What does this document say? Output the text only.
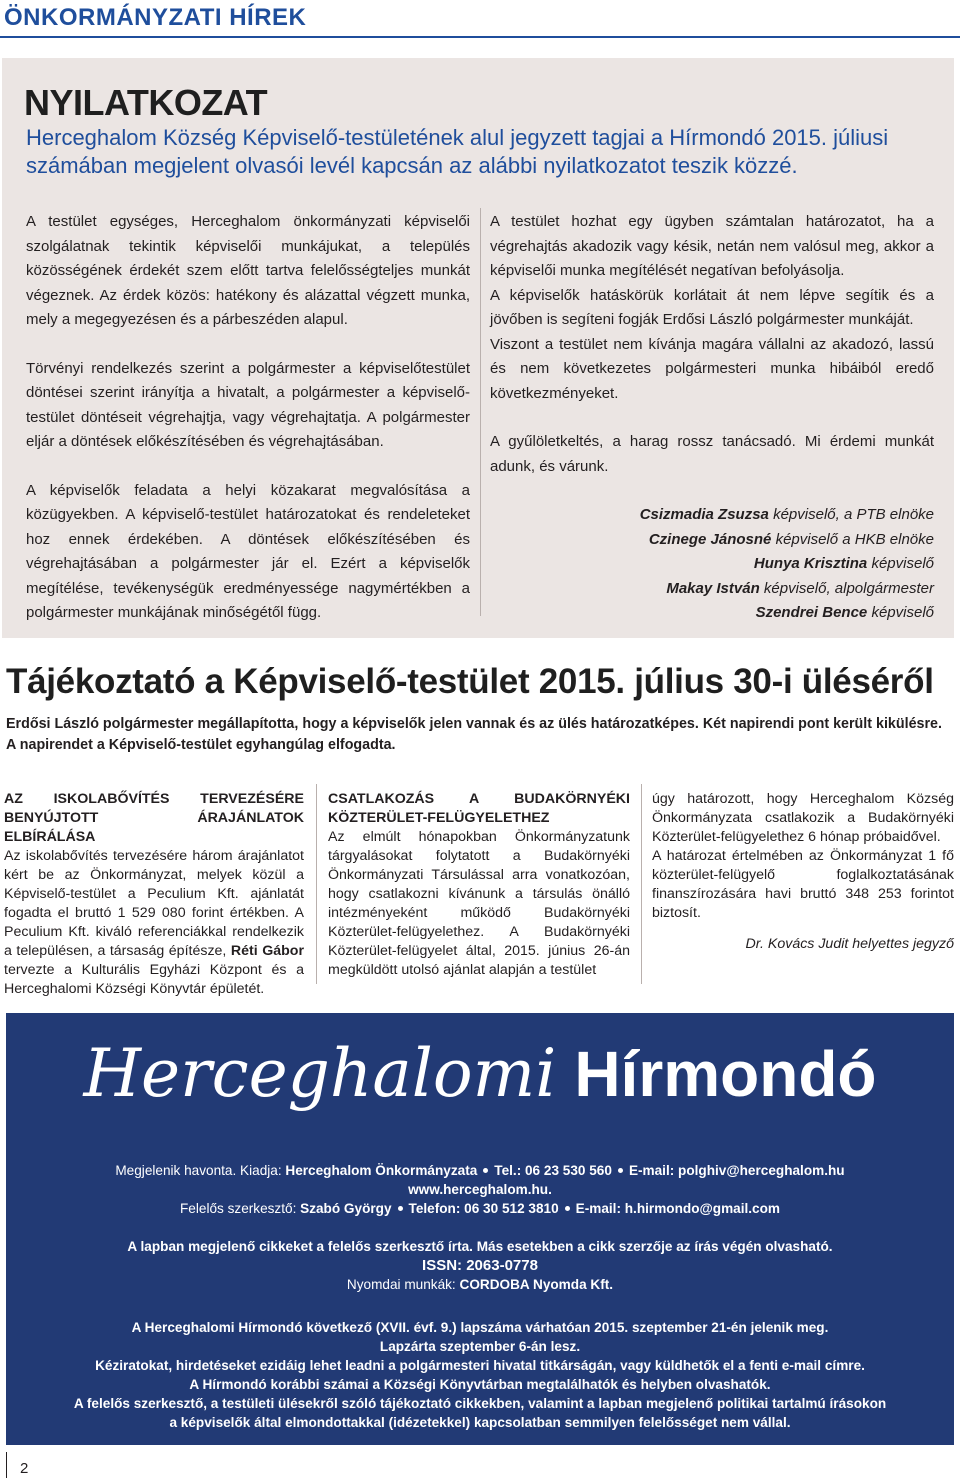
ÖNKORMÁNYZATI HÍREK
NYILATKOZAT
Herceghalom Község Képviselő-testületének alul jegyzett tagjai a Hírmondó 2015. júliusi számában megjelent olvasói levél kapcsán az alábbi nyilatkozatot teszik közzé.

A testület egységes, Herceghalom önkormányzati képviselői szolgálatnak tekintik képviselői munkájukat, a település közösségének érdekét szem előtt tartva felelősségteljes munkát végeznek. Az érdek közös: hatékony és alázattal végzett munka, mely a megegyezésen és a párbeszéden alapul.

Törvényi rendelkezés szerint a polgármester a képviselőtestület döntései szerint irányítja a hivatalt, a polgármester a képviselő-testület döntéseit végrehajtja, vagy végrehajtatja. A polgármester eljár a döntések előkészítésében és végrehajtásában.

A képviselők feladata a helyi közakarat megvalósítása a közügyekben. A képviselő-testület határozatokat és rendeleteket hoz ennek érdekében. A döntések előkészítésében és végrehajtásában a polgármester jár el. Ezért a képviselők megítélése, tevékenységük eredményessége nagymértékben a polgármester munkájának minőségétől függ.

A testület hozhat egy ügyben számtalan határozatot, ha a végrehajtás akadozik vagy késik, netán nem valósul meg, akkor a képviselői munka megítélését negatívan befolyásolja.

A képviselők hatáskörük korlátait át nem lépve segítik és a jövőben is segíteni fogják Erdősi László polgármester munkáját.

Viszont a testület nem kívánja magára vállalni az akadozó, lassú és nem következetes polgármesteri munka hibáiból eredő következményeket.

A gyűlöletkeltés, a harag rossz tanácsadó. Mi érdemi munkát adunk, és várunk.

Csizmadia Zsuzsa képviselő, a PTB elnöke
Czinege Jánosné képviselő a HKB elnöke
Hunya Krisztina képviselő
Makay István képviselő, alpolgármester
Szendrei Bence képviselő
Tájékoztató a Képviselő-testület 2015. július 30-i üléséről
Erdősi László polgármester megállapította, hogy a képviselők jelen vannak és az ülés határozatképes. Két napirendi pont került kikülésre. A napirendet a Képviselő-testület egyhangúlag elfogadta.
AZ ISKOLABŐVÍTÉS TERVEZÉSÉRE BENYÚJTOTT ÁRAJÁNLATOK ELBÍRÁLÁSA
Az iskolabővítés tervezésére három árajánlatot kért be az Önkormányzat, melyek közül a Képviselő-testület a Peculium Kft. ajánlatát fogadta el bruttó 1 529 080 forint értékben. A Peculium Kft. kiváló referenciákkal rendelkezik a településen, a társaság építésze, Réti Gábor tervezte a Kulturális Egyházi Központ és a Herceghalomi Községi Könyvtár épületét.
CSATLAKOZÁS A BUDAKÖRNYÉKI KÖZTERÜLET-FELÜGYELETHEZ
Az elmúlt hónapokban Önkormányzatunk tárgyalásokat folytatott a Budakörnyéki Önkormányzati Társulással arra vonatkozóan, hogy csatlakozni kívánunk a társulás önálló intézményeként működő Budakörnyéki Közterület-felügyelethez. A Budakörnyéki Közterület-felügyelet által, 2015. június 26-án megküldött utolsó ajánlat alapján a testület
úgy határozott, hogy Herceghalom Község Önkormányzata csatlakozik a Budakörnyéki Közterület-felügyelethez 6 hónap próbaidővel.
A határozat értelmében az Önkormányzat 1 fő közterület-felügyelő foglalkoztatásának finanszírozására havi bruttó 348 253 forintot biztosít.
Dr. Kovács Judit helyettes jegyző
Herceghalomi Hírmondó
Megjelenik havonta. Kiadja: Herceghalom Önkormányzata Tel.: 06 23 530 560 E-mail: polghiv@herceghalom.hu
www.herceghalom.hu.
Felelős szerkesztő: Szabó György Telefon: 06 30 512 3810 E-mail: h.hirmondo@gmail.com
A lapban megjelenő cikkeket a felelős szerkesztő írta. Más esetekben a cikk szerzője az írás végén olvasható.
ISSN: 2063-0778
Nyomdai munkák: CORDOBA Nyomda Kft.
A Herceghalomi Hírmondó következő (XVII. évf. 9.) lapszáma várhatóan 2015. szeptember 21-én jelenik meg.
Lapzárta szeptember 6-án lesz.
Kéziratokat, hirdetéseket ezidáig lehet leadni a polgármesteri hivatal titkárságán, vagy küldhetők el a fenti e-mail címre.
A Hírmondó korábbi számai a Községi Könyvtárban megtalálhatók és helyben olvashatók.
A felelős szerkesztő, a testületi ülésekről szóló tájékoztató cikkekben, valamint a lapban megjelenő politikai tartalmú írásokon
a képviselők által elmondottakkal (idézetekkel) kapcsolatban semmilyen felelősséget nem vállal.
2
